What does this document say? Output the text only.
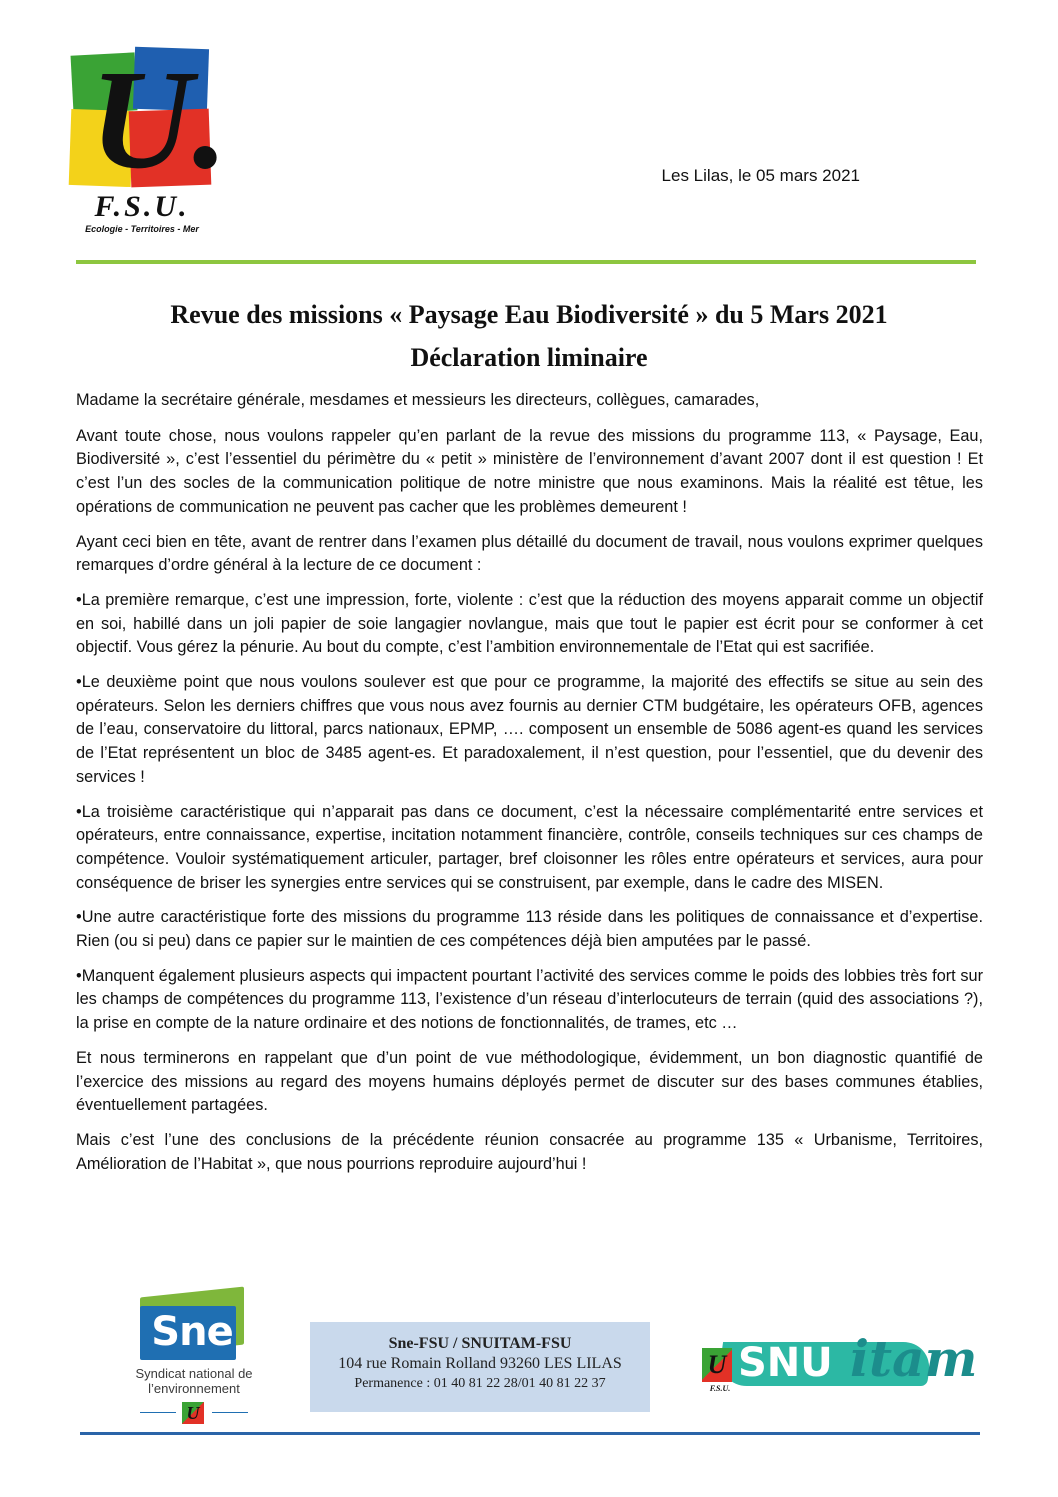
U.
F.S.U.
Ecologie - Territoires - Mer
Les Lilas, le 05 mars 2021
Revue des missions « Paysage Eau Biodiversité » du 5 Mars 2021
Déclaration liminaire

Madame la secrétaire générale, mesdames et messieurs les directeurs, collègues, camarades,

Avant toute chose, nous voulons rappeler qu’en parlant de la revue des missions du programme 113, « Paysage, Eau, Biodiversité », c’est l’essentiel du périmètre du « petit » ministère de l’environnement d’avant 2007 dont il est question ! Et c’est l’un des socles de la communication politique de notre ministre que nous examinons. Mais la réalité est têtue, les opérations de communication ne peuvent pas cacher que les problèmes demeurent !

Ayant ceci bien en tête, avant de rentrer dans l’examen plus détaillé du document de travail, nous voulons exprimer quelques remarques d’ordre général à la lecture de ce document :

•La première remarque, c’est une impression, forte, violente : c’est que la réduction des moyens apparait comme un objectif en soi, habillé dans un joli papier de soie langagier novlangue, mais que tout le papier est écrit pour se conformer à cet objectif. Vous gérez la pénurie. Au bout du compte, c’est l’ambition environnementale de l’Etat qui est sacrifiée.

•Le deuxième point que nous voulons soulever est que pour ce programme, la majorité des effectifs se situe au sein des opérateurs. Selon les derniers chiffres que vous nous avez fournis au dernier CTM budgétaire, les opérateurs OFB, agences de l’eau, conservatoire du littoral, parcs nationaux, EPMP, …. composent un ensemble de 5086 agent-es quand les services de l’Etat représentent un bloc de 3485 agent-es. Et paradoxalement, il n’est question, pour l’essentiel, que du devenir des services !

•La troisième caractéristique qui n’apparait pas dans ce document, c’est la nécessaire complémentarité entre services et opérateurs, entre connaissance, expertise, incitation notamment financière, contrôle, conseils techniques sur ces champs de compétence. Vouloir systématiquement articuler, partager, bref cloisonner les rôles entre opérateurs et services, aura pour conséquence de briser les synergies entre services qui se construisent, par exemple, dans le cadre des MISEN.

•Une autre caractéristique forte des missions du programme 113 réside dans les politiques de connaissance et d’expertise. Rien (ou si peu) dans ce papier sur le maintien de ces compétences déjà bien amputées par le passé.

•Manquent également plusieurs aspects qui impactent pourtant l’activité des services comme le poids des lobbies très fort sur les champs de compétences du programme 113, l’existence d’un réseau d’interlocuteurs de terrain (quid des associations ?), la prise en compte de la nature ordinaire et des notions de fonctionnalités, de trames, etc …

Et nous terminerons en rappelant que d’un point de vue méthodologique, évidemment, un bon diagnostic quantifié de l’exercice des missions au regard des moyens humains déployés permet de discuter sur des bases communes établies, éventuellement partagées.

Mais c’est l’une des conclusions de la précédente réunion consacrée au programme 135 « Urbanisme, Territoires, Amélioration de l’Habitat », que nous pourrions reproduire aujourd’hui !

Sne
Syndicat national de
l’environnement
U
Sne-FSU / SNUITAM-FSU
104 rue Romain Rolland 93260 LES LILAS
Permanence : 01 40 81 22 28/01 40 81 22 37
U
F.S.U.
SNU itam
